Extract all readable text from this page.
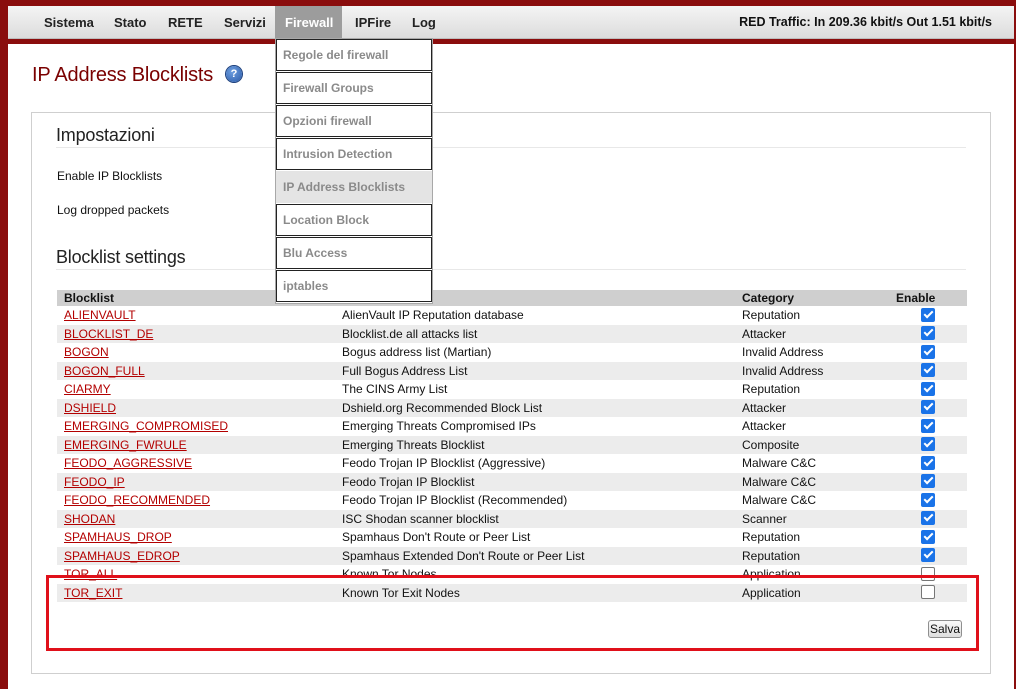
Sistema	Stato	RETE	Servizi	Firewall	IPFire	Log	RED Traffic: In 209.36 kbit/s Out 1.51 kbit/s
IP Address Blocklists	?
Impostazioni
Enable IP Blocklists
Log dropped packets
Blocklist settings
Blocklist		Category	Enable
ALIENVAULT	AlienVault IP Reputation database	Reputation	
BLOCKLIST_DE	Blocklist.de all attacks list	Attacker	
BOGON	Bogus address list (Martian)	Invalid Address	
BOGON_FULL	Full Bogus Address List	Invalid Address	
CIARMY	The CINS Army List	Reputation	
DSHIELD	Dshield.org Recommended Block List	Attacker	
EMERGING_COMPROMISED	Emerging Threats Compromised IPs	Attacker	
EMERGING_FWRULE	Emerging Threats Blocklist	Composite	
FEODO_AGGRESSIVE	Feodo Trojan IP Blocklist (Aggressive)	Malware C&C	
FEODO_IP	Feodo Trojan IP Blocklist	Malware C&C	
FEODO_RECOMMENDED	Feodo Trojan IP Blocklist (Recommended)	Malware C&C	
SHODAN	ISC Shodan scanner blocklist	Scanner	
SPAMHAUS_DROP	Spamhaus Don't Route or Peer List	Reputation	
SPAMHAUS_EDROP	Spamhaus Extended Don't Route or Peer List	Reputation	
TOR_ALL	Known Tor Nodes	Application	
TOR_EXIT	Known Tor Exit Nodes	Application	
Salva
Regole del firewall
Firewall Groups
Opzioni firewall
Intrusion Detection
IP Address Blocklists
Location Block
Blu Access
iptables
